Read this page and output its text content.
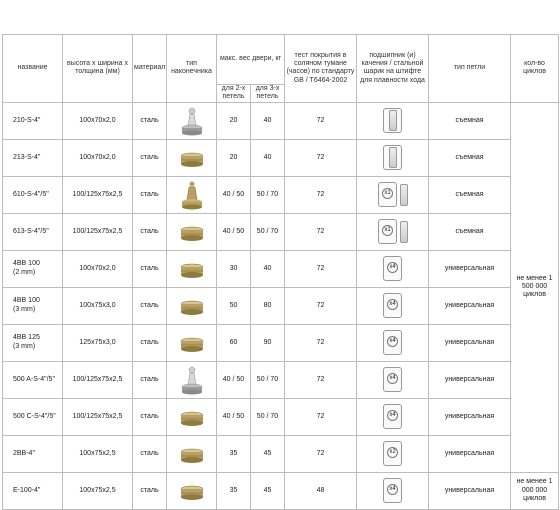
название	высота х ширина х толщина (мм)	материал	тип наконечника	макс. вес двери, кг		тест покрытия в соляном тумане (часов) по стандарту GB / T6464-2002	подшипник (и) качения / стальной шарик на штифте для плавности хода	тип петли	кол-во циклов
				для 2-х петель	для 3-х петель				
210-S-4"	100х70х2,0	сталь		20	40	72		съемная	не менее 1 500 000 циклов
213-S-4"	100х70х2,0	сталь		20	40	72		съемная	
610-S-4"/5"	100/125х75х2,5	сталь		40 / 50	50 / 70	72	x1	съемная	
613-S-4"/5"	100/125х75х2,5	сталь		40 / 50	50 / 70	72	x1	съемная	
4BB 100
(2 mm)	100х70х2,0	сталь		30	40	72	x4	универсальная	
4BB 100
(3 mm)	100х75х3,0	сталь		50	80	72	x4	универсальная	
4BB 125
(3 mm)	125х75х3,0	сталь		60	90	72	x4	универсальная	
500 A-S-4"/5"	100/125х75х2,5	сталь		40 / 50	50 / 70	72	x4	универсальная	
500 C-S-4"/5"	100/125х75х2,5	сталь		40 / 50	50 / 70	72	x4	универсальная	
2BB-4"	100х75х2,5	сталь		35	45	72	x2	универсальная	
E-100-4"	100х75х2,5	сталь		35	45	48	x4	универсальная	не менее 1 000 000 циклов
